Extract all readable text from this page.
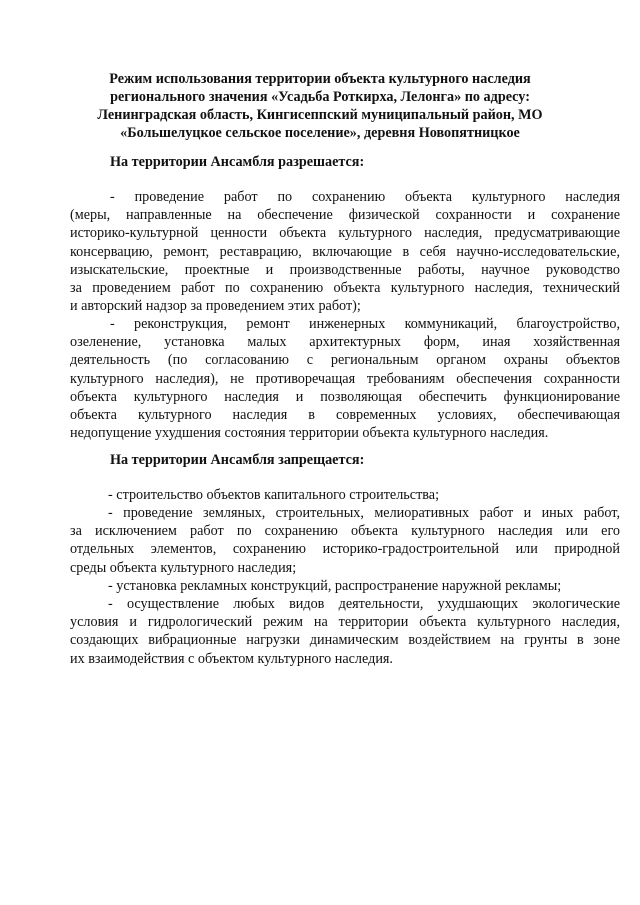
Режим использования территории объекта культурного наследия
регионального значения «Усадьба Роткирха, Лелонга» по адресу:
Ленинградская область, Кингисеппский муниципальный район, МО
«Большелуцкое сельское поселение», деревня Новопятницкое
На территории Ансамбля разрешается:
- проведение работ по сохранению объекта культурного наследия
(меры, направленные на обеспечение физической сохранности и сохранение
историко-культурной ценности объекта культурного наследия, предусматривающие
консервацию, ремонт, реставрацию, включающие в себя научно-исследовательские,
изыскательские, проектные и производственные работы, научное руководство
за проведением работ по сохранению объекта культурного наследия, технический
и авторский надзор за проведением этих работ);
- реконструкция, ремонт инженерных коммуникаций, благоустройство,
озеленение, установка малых архитектурных форм, иная хозяйственная
деятельность (по согласованию с региональным органом охраны объектов
культурного наследия), не противоречащая требованиям обеспечения сохранности
объекта культурного наследия и позволяющая обеспечить функционирование
объекта культурного наследия в современных условиях, обеспечивающая
недопущение ухудшения состояния территории объекта культурного наследия.
На территории Ансамбля запрещается:
- строительство объектов капитального строительства;
- проведение земляных, строительных, мелиоративных работ и иных работ,
за исключением работ по сохранению объекта культурного наследия или его
отдельных элементов, сохранению историко-градостроительной или природной
среды объекта культурного наследия;
- установка рекламных конструкций, распространение наружной рекламы;
- осуществление любых видов деятельности, ухудшающих экологические
условия и гидрологический режим на территории объекта культурного наследия,
создающих вибрационные нагрузки динамическим воздействием на грунты в зоне
их взаимодействия с объектом культурного наследия.
